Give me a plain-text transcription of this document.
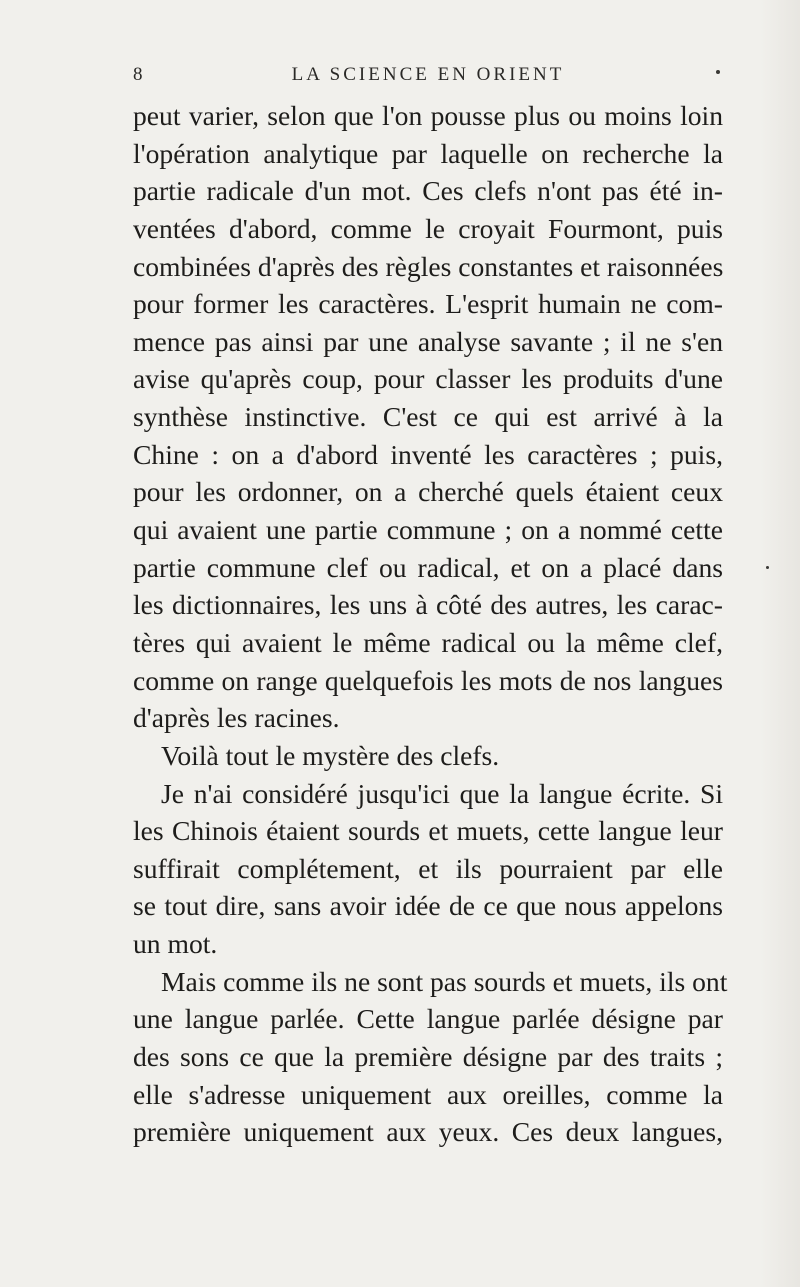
8	LA SCIENCE EN ORIENT
peut varier, selon que l'on pousse plus ou moins loin
l'opération analytique par laquelle on recherche la
partie radicale d'un mot. Ces clefs n'ont pas été in-
ventées d'abord, comme le croyait Fourmont, puis
combinées d'après des règles constantes et raisonnées
pour former les caractères. L'esprit humain ne com-
mence pas ainsi par une analyse savante ; il ne s'en
avise qu'après coup, pour classer les produits d'une
synthèse instinctive. C'est ce qui est arrivé à la
Chine : on a d'abord inventé les caractères ; puis,
pour les ordonner, on a cherché quels étaient ceux
qui avaient une partie commune ; on a nommé cette
partie commune clef ou radical, et on a placé dans
les dictionnaires, les uns à côté des autres, les carac-
tères qui avaient le même radical ou la même clef,
comme on range quelquefois les mots de nos langues
d'après les racines.
Voilà tout le mystère des clefs.
Je n'ai considéré jusqu'ici que la langue écrite. Si
les Chinois étaient sourds et muets, cette langue leur
suffirait complétement, et ils pourraient par elle
se tout dire, sans avoir idée de ce que nous appelons
un mot.
Mais comme ils ne sont pas sourds et muets, ils ont
une langue parlée. Cette langue parlée désigne par
des sons ce que la première désigne par des traits ;
elle s'adresse uniquement aux oreilles, comme la
première uniquement aux yeux. Ces deux langues,
